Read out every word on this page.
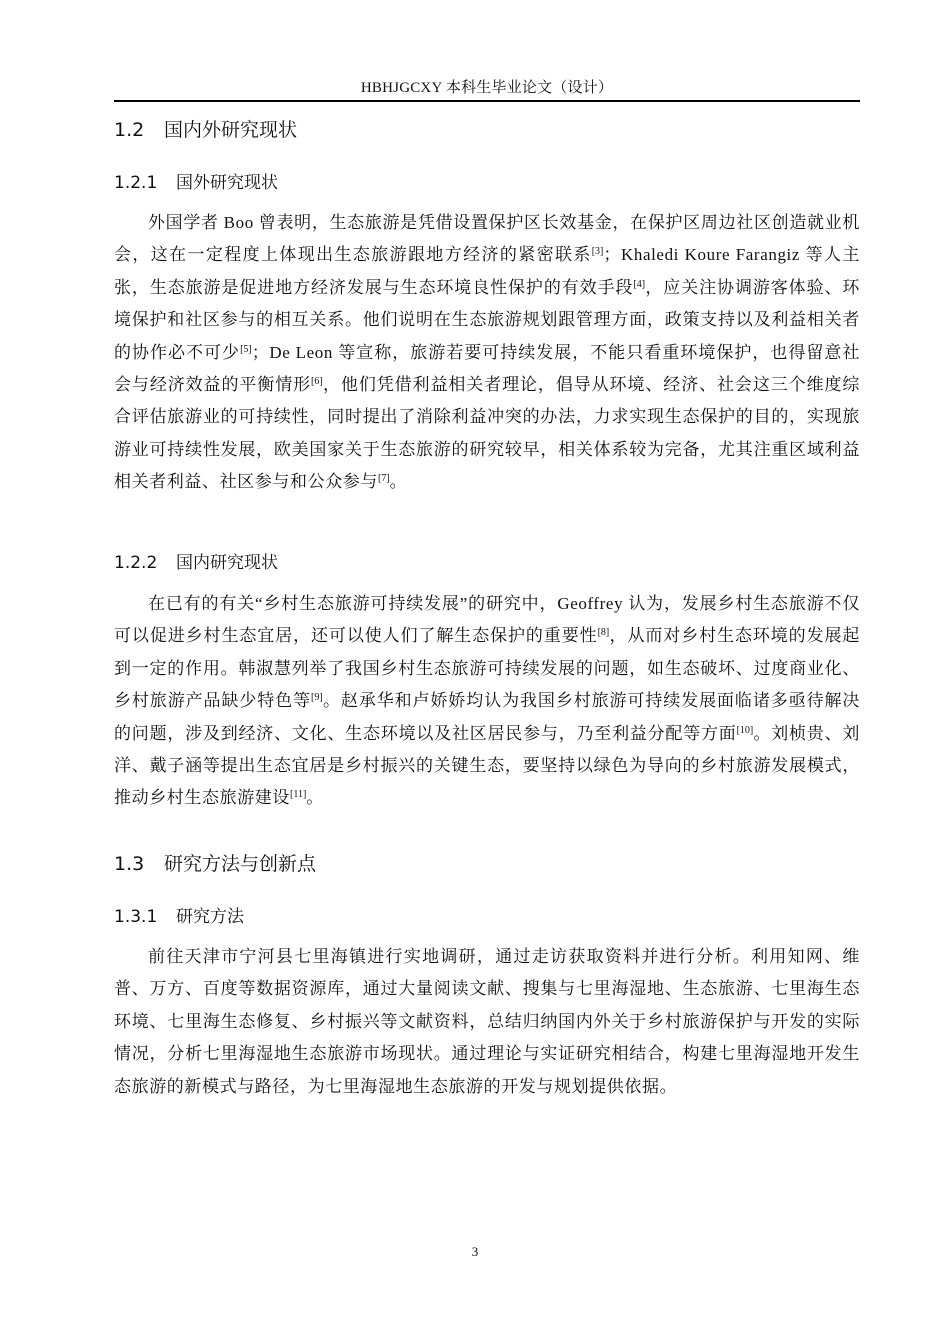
HBHJGCXY 本科生毕业论文（设计）
1.2 国内外研究现状
1.2.1 国外研究现状
外国学者 Boo 曾表明，生态旅游是凭借设置保护区长效基金，在保护区周边社区创造就业机会，这在一定程度上体现出生态旅游跟地方经济的紧密联系[3]；Khaledi Koure Farangiz 等人主张，生态旅游是促进地方经济发展与生态环境良性保护的有效手段[4]，应关注协调游客体验、环境保护和社区参与的相互关系。他们说明在生态旅游规划跟管理方面，政策支持以及利益相关者的协作必不可少[5]；De Leon 等宣称，旅游若要可持续发展，不能只看重环境保护，也得留意社会与经济效益的平衡情形[6]，他们凭借利益相关者理论，倡导从环境、经济、社会这三个维度综合评估旅游业的可持续性，同时提出了消除利益冲突的办法，力求实现生态保护的目的，实现旅游业可持续性发展，欧美国家关于生态旅游的研究较早，相关体系较为完备，尤其注重区域利益相关者利益、社区参与和公众参与[7]。
1.2.2 国内研究现状
在已有的有关“乡村生态旅游可持续发展”的研究中，Geoffrey 认为，发展乡村生态旅游不仅可以促进乡村生态宜居，还可以使人们了解生态保护的重要性[8]，从而对乡村生态环境的发展起到一定的作用。韩淑慧列举了我国乡村生态旅游可持续发展的问题，如生态破坏、过度商业化、乡村旅游产品缺少特色等[9]。赵承华和卢娇娇均认为我国乡村旅游可持续发展面临诸多亟待解决的问题，涉及到经济、文化、生态环境以及社区居民参与，乃至利益分配等方面[10]。刘桢贵、刘洋、戴子涵等提出生态宜居是乡村振兴的关键生态，要坚持以绿色为导向的乡村旅游发展模式，推动乡村生态旅游建设[11]。
1.3 研究方法与创新点
1.3.1 研究方法
前往天津市宁河县七里海镇进行实地调研，通过走访获取资料并进行分析。利用知网、维普、万方、百度等数据资源库，通过大量阅读文献、搜集与七里海湿地、生态旅游、七里海生态环境、七里海生态修复、乡村振兴等文献资料，总结归纳国内外关于乡村旅游保护与开发的实际情况，分析七里海湿地生态旅游市场现状。通过理论与实证研究相结合，构建七里海湿地开发生态旅游的新模式与路径，为七里海湿地生态旅游的开发与规划提供依据。
3
